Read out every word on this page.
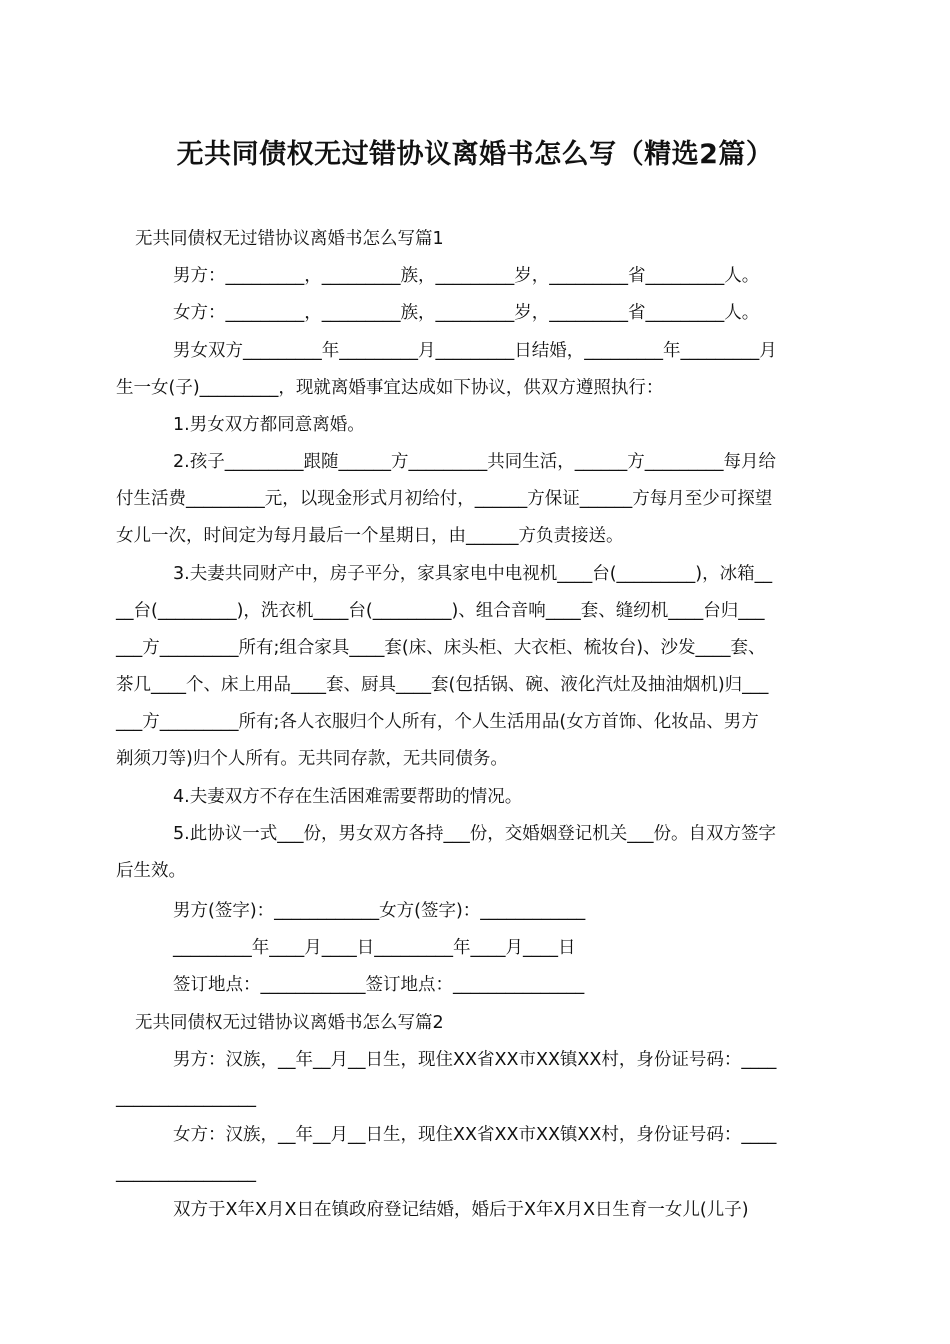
无共同债权无过错协议离婚书怎么写（精选2篇）
无共同债权无过错协议离婚书怎么写篇1
男方：_________，_________族，_________岁，_________省_________人。
女方：_________，_________族，_________岁，_________省_________人。
男女双方_________年_________月_________日结婚，_________年_________月
生一女(子)_________，现就离婚事宜达成如下协议，供双方遵照执行：
1.男女双方都同意离婚。
2.孩子_________跟随______方_________共同生活，______方_________每月给
付生活费_________元，以现金形式月初给付，______方保证______方每月至少可探望
女儿一次，时间定为每月最后一个星期日，由______方负责接送。
3.夫妻共同财产中，房子平分，家具家电中电视机____台(_________)，冰箱__
__台(_________)，洗衣机____台(_________)、组合音响____套、缝纫机____台归___
___方_________所有;组合家具____套(床、床头柜、大衣柜、梳妆台)、沙发____套、
茶几____个、床上用品____套、厨具____套(包括锅、碗、液化汽灶及抽油烟机)归___
___方_________所有;各人衣服归个人所有，个人生活用品(女方首饰、化妆品、男方
剃须刀等)归个人所有。无共同存款，无共同债务。
4.夫妻双方不存在生活困难需要帮助的情况。
5.此协议一式___份，男女双方各持___份，交婚姻登记机关___份。自双方签字
后生效。
男方(签字)：____________女方(签字)：____________
_________年____月____日_________年____月____日
签订地点：____________签订地点：_______________
无共同债权无过错协议离婚书怎么写篇2
男方：汉族，__年__月__日生，现住XX省XX市XX镇XX村，身份证号码：____
________________
女方：汉族，__年__月__日生，现住XX省XX市XX镇XX村，身份证号码：____
________________
双方于X年X月X日在镇政府登记结婚，婚后于X年X月X日生育一女儿(儿子)
